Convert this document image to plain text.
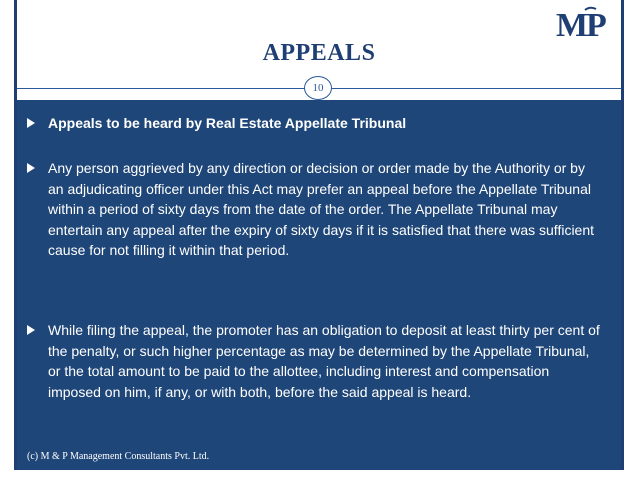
M
P
APPEALS
10
Appeals to be heard by Real Estate Appellate Tribunal
Any person aggrieved by any direction or decision or order made by the Authority or by an adjudicating officer under this Act may prefer an appeal before the Appellate Tribunal within a period of sixty days from the date of the order. The Appellate Tribunal may entertain any appeal after the expiry of sixty days if it is satisfied that there was sufficient cause for not filling it within that period.
While filing the appeal, the promoter has an obligation to deposit at least thirty per cent of the penalty, or such higher percentage as may be determined by the Appellate Tribunal, or the total amount to be paid to the allottee, including interest and compensation imposed on him, if any, or with both, before the said appeal is heard.
(c) M & P Management Consultants Pvt. Ltd.
